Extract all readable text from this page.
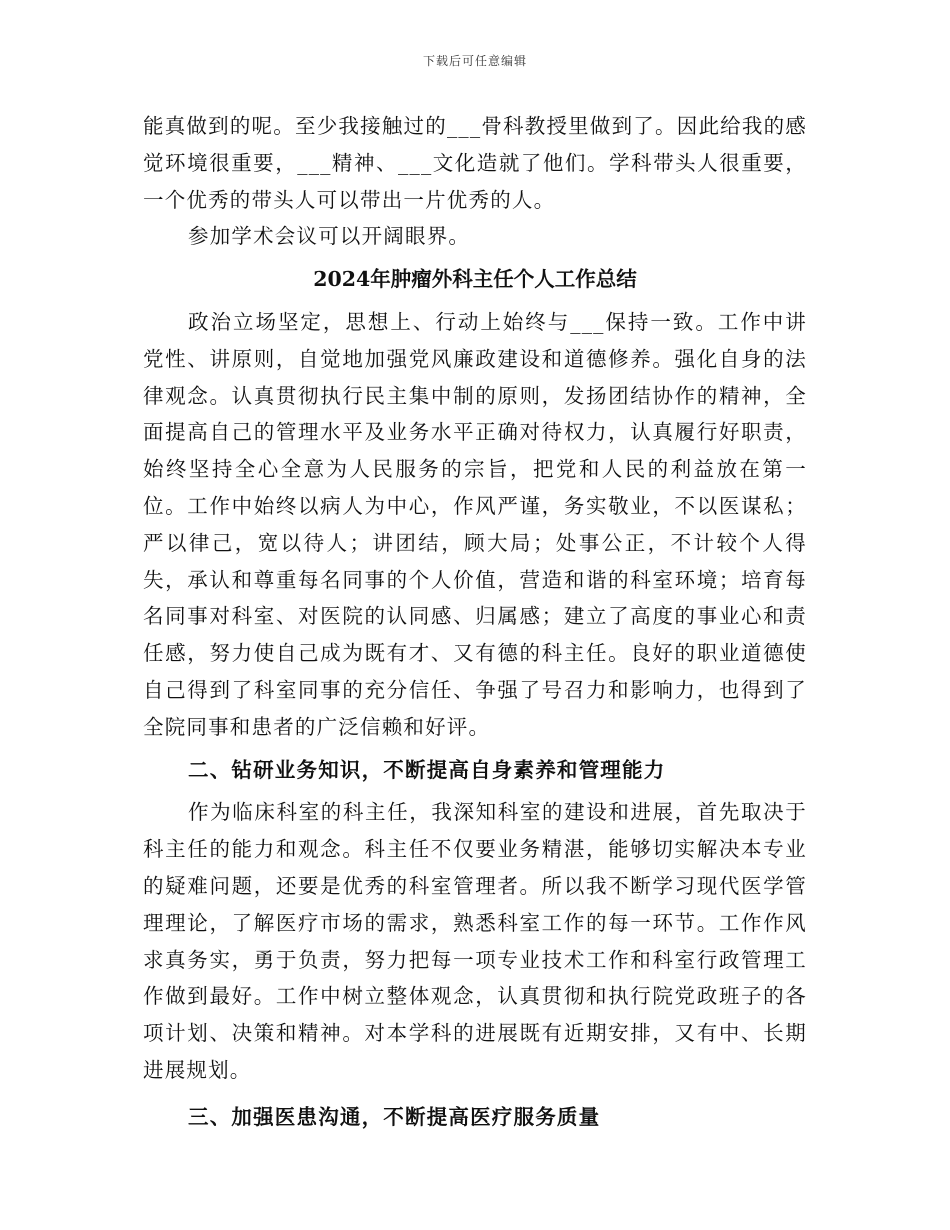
下载后可任意编辑

能真做到的呢。至少我接触过的___骨科教授里做到了。因此给我的感觉环境很重要，___精神、___文化造就了他们。学科带头人很重要，一个优秀的带头人可以带出一片优秀的人。

参加学术会议可以开阔眼界。

2024年肿瘤外科主任个人工作总结

政治立场坚定，思想上、行动上始终与___保持一致。工作中讲党性、讲原则，自觉地加强党风廉政建设和道德修养。强化自身的法律观念。认真贯彻执行民主集中制的原则，发扬团结协作的精神，全面提高自己的管理水平及业务水平正确对待权力，认真履行好职责，始终坚持全心全意为人民服务的宗旨，把党和人民的利益放在第一位。工作中始终以病人为中心，作风严谨，务实敬业，不以医谋私；严以律己，宽以待人；讲团结，顾大局；处事公正，不计较个人得失，承认和尊重每名同事的个人价值，营造和谐的科室环境；培育每名同事对科室、对医院的认同感、归属感；建立了高度的事业心和责任感，努力使自己成为既有才、又有德的科主任。良好的职业道德使自己得到了科室同事的充分信任、争强了号召力和影响力，也得到了全院同事和患者的广泛信赖和好评。

二、钻研业务知识，不断提高自身素养和管理能力

作为临床科室的科主任，我深知科室的建设和进展，首先取决于科主任的能力和观念。科主任不仅要业务精湛，能够切实解决本专业的疑难问题，还要是优秀的科室管理者。所以我不断学习现代医学管理理论，了解医疗市场的需求，熟悉科室工作的每一环节。工作作风求真务实，勇于负责，努力把每一项专业技术工作和科室行政管理工作做到最好。工作中树立整体观念，认真贯彻和执行院党政班子的各项计划、决策和精神。对本学科的进展既有近期安排，又有中、长期进展规划。

三、加强医患沟通，不断提高医疗服务质量
